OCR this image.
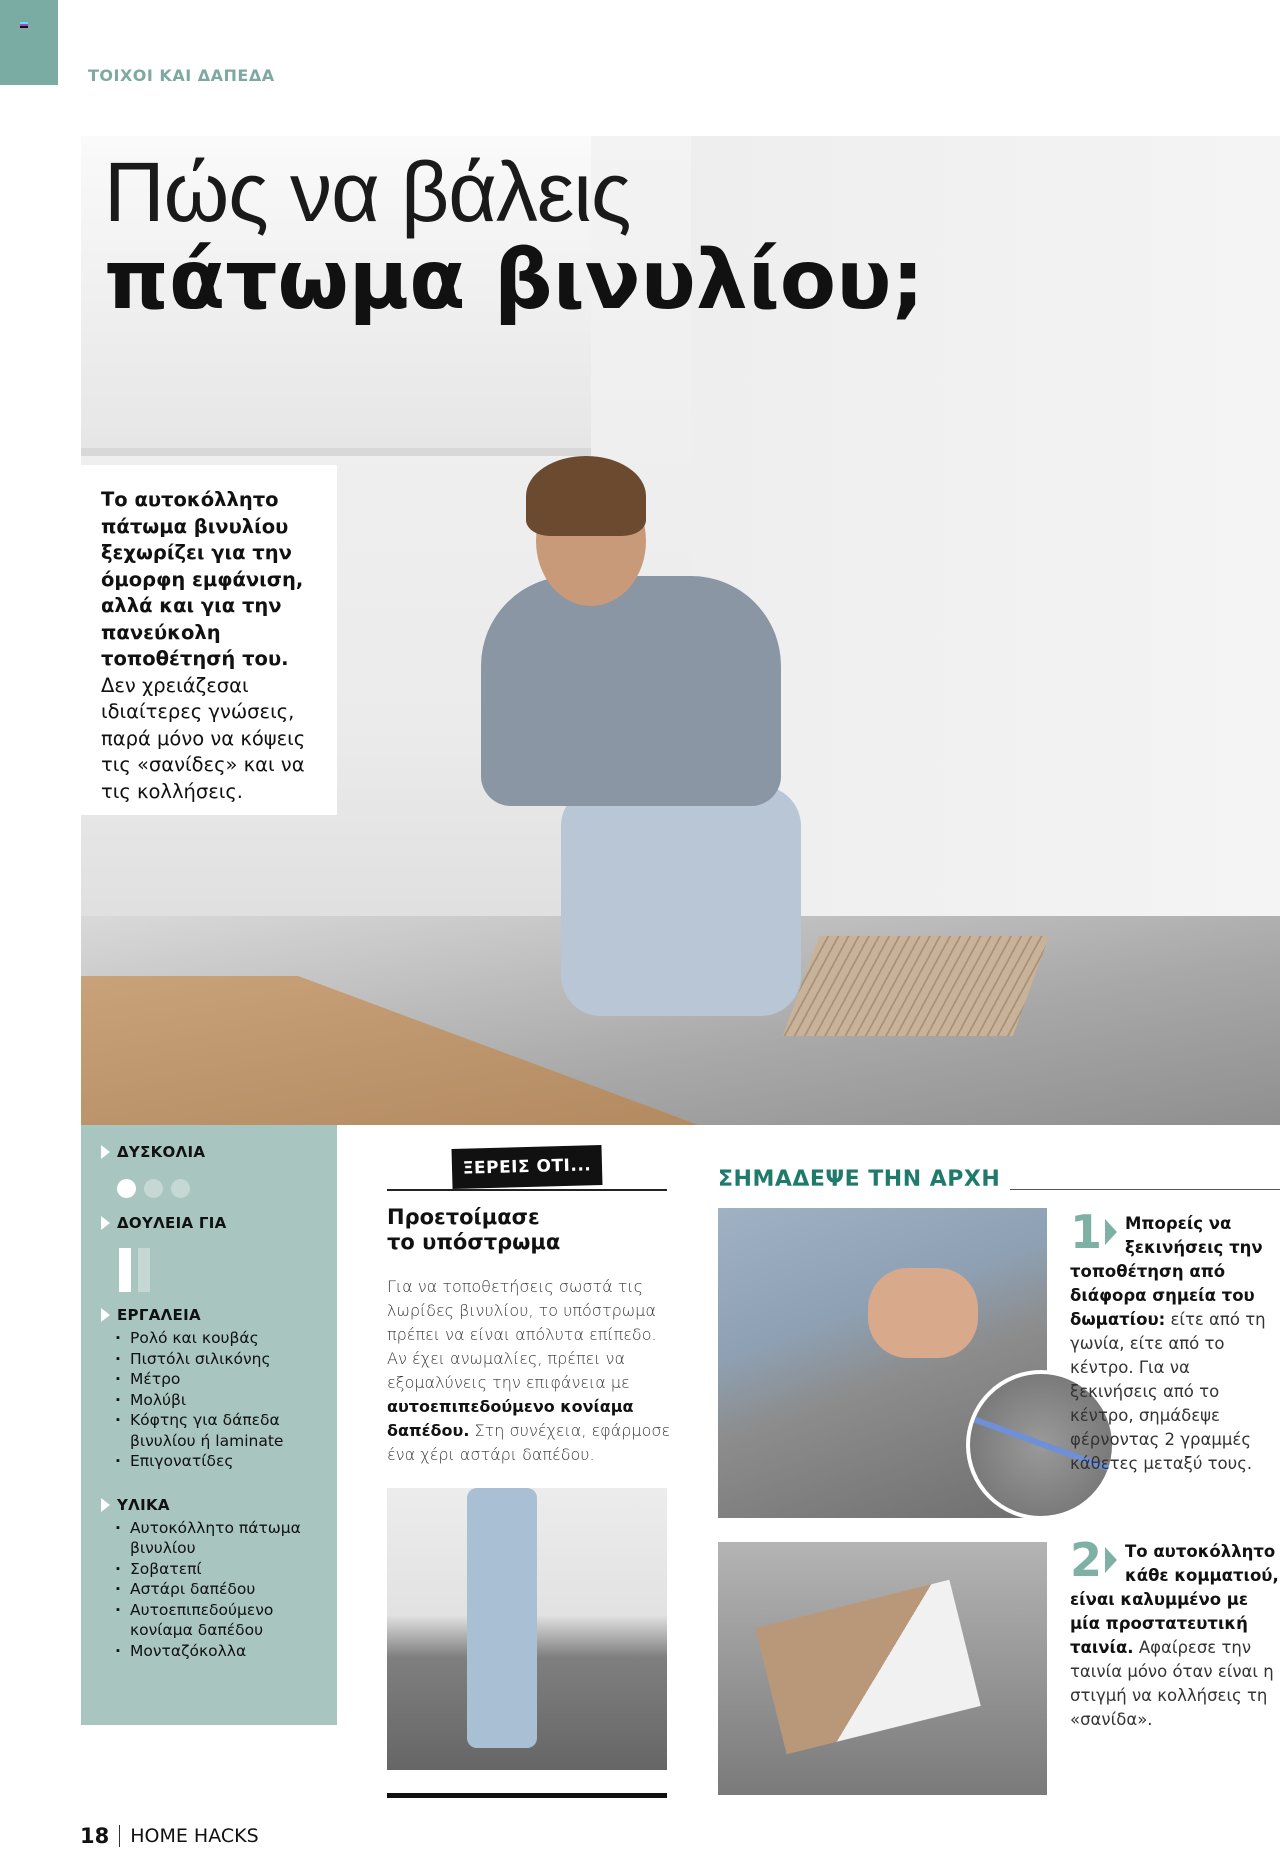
ΤΟΙΧΟΙ ΚΑΙ ΔΑΠΕΔΑ
Πώς να βάλεις
πάτωμα βινυλίου;
Το αυτοκόλλητο πάτωμα βινυλίου ξεχωρίζει για την όμορφη εμφάνιση, αλλά και για την πανεύκολη τοποθέτησή του. Δεν χρειάζεσαι ιδιαίτερες γνώσεις, παρά μόνο να κόψεις τις «σανίδες» και να τις κολλήσεις.
ΔΥΣΚΟΛΙΑ
ΔΟΥΛΕΙΑ ΓΙΑ
ΕΡΓΑΛΕΙΑ
· Ρολό και κουβάς
· Πιστόλι σιλικόνης
· Μέτρο
· Μολύβι
· Κόφτης για δάπεδα βινυλίου ή laminate
· Επιγονατίδες
ΥΛΙΚΑ
· Αυτοκόλλητο πάτωμα βινυλίου
· Σοβατεπί
· Αστάρι δαπέδου
· Αυτοεπιπεδούμενο κονίαμα δαπέδου
· Μονταζόκολλα
ΞΕΡΕΙΣ ΟΤΙ...
Προετοίμασε
το υπόστρωμα
Για να τοποθετήσεις σωστά τις λωρίδες βινυλίου, το υπόστρωμα πρέπει να είναι απόλυτα επίπεδο. Αν έχει ανωμαλίες, πρέπει να εξομαλύνεις την επιφάνεια με αυτοεπιπεδούμενο κονίαμα δαπέδου. Στη συνέχεια, εφάρμοσε ένα χέρι αστάρι δαπέδου.
ΣΗΜΑΔΕΨΕ ΤΗΝ ΑΡΧΗ
1 Μπορείς να ξεκινήσεις την τοποθέτηση από διάφορα σημεία του δωματίου: είτε από τη γωνία, είτε από το κέντρο. Για να ξεκινήσεις από το κέντρο, σημάδεψε φέρνοντας 2 γραμμές κάθετες μεταξύ τους.
2 Το αυτοκόλλητο κάθε κομματιού, είναι καλυμμένο με μία προστατευτική ταινία. Αφαίρεσε την ταινία μόνο όταν είναι η στιγμή να κολλήσεις τη «σανίδα».
18 HOME HACKS
